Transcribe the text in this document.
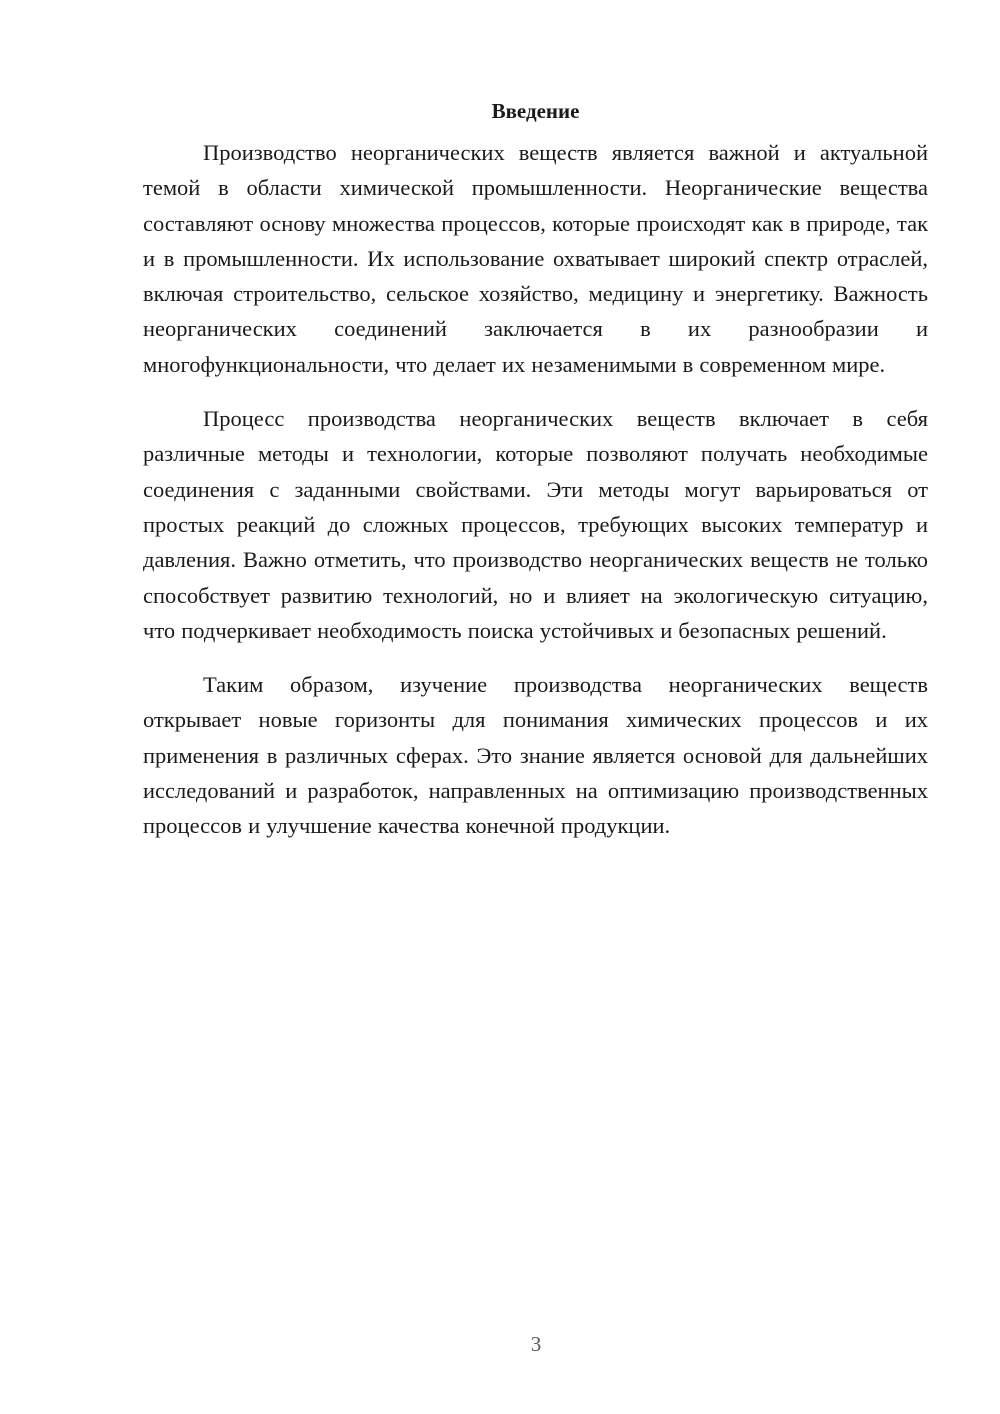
Введение

Производство неорганических веществ является важной и актуальной темой в области химической промышленности. Неорганические вещества составляют основу множества процессов, которые происходят как в природе, так и в промышленности. Их использование охватывает широкий спектр отраслей, включая строительство, сельское хозяйство, медицину и энергетику. Важность неорганических соединений заключается в их разнообразии и многофункциональности, что делает их незаменимыми в современном мире.

Процесс производства неорганических веществ включает в себя различные методы и технологии, которые позволяют получать необходимые соединения с заданными свойствами. Эти методы могут варьироваться от простых реакций до сложных процессов, требующих высоких температур и давления. Важно отметить, что производство неорганических веществ не только способствует развитию технологий, но и влияет на экологическую ситуацию, что подчеркивает необходимость поиска устойчивых и безопасных решений.

Таким образом, изучение производства неорганических веществ открывает новые горизонты для понимания химических процессов и их применения в различных сферах. Это знание является основой для дальнейших исследований и разработок, направленных на оптимизацию производственных процессов и улучшение качества конечной продукции.

3
